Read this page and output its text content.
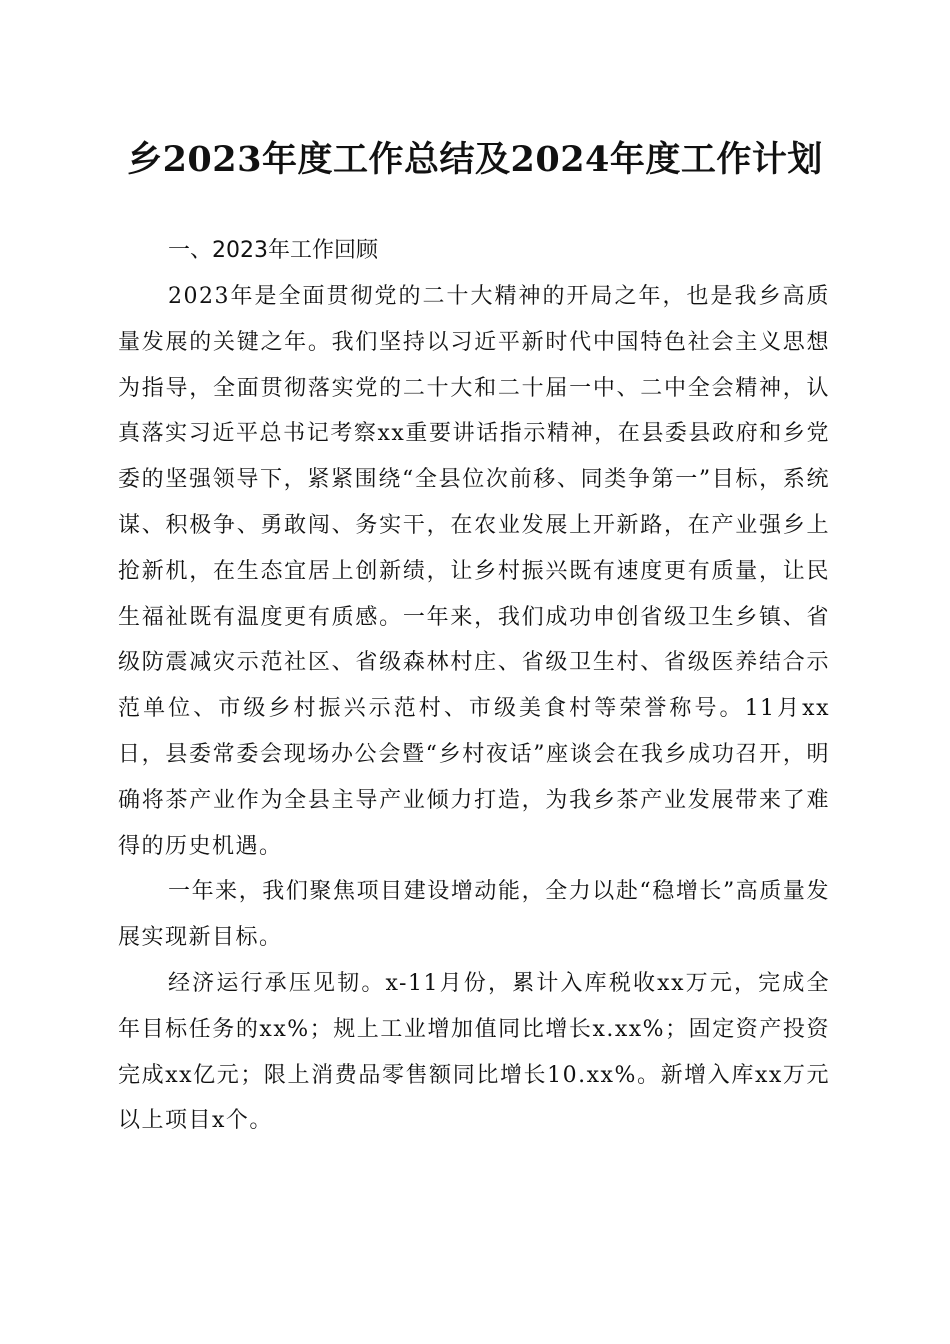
乡2023年度工作总结及2024年度工作计划

一、2023年工作回顾

2023年是全面贯彻党的二十大精神的开局之年，也是我乡高质量发展的关键之年。我们坚持以习近平新时代中国特色社会主义思想为指导，全面贯彻落实党的二十大和二十届一中、二中全会精神，认真落实习近平总书记考察xx重要讲话指示精神，在县委县政府和乡党委的坚强领导下，紧紧围绕“全县位次前移、同类争第一”目标，系统谋、积极争、勇敢闯、务实干，在农业发展上开新路，在产业强乡上抢新机，在生态宜居上创新绩，让乡村振兴既有速度更有质量，让民生福祉既有温度更有质感。一年来，我们成功申创省级卫生乡镇、省级防震减灾示范社区、省级森林村庄、省级卫生村、省级医养结合示范单位、市级乡村振兴示范村、市级美食村等荣誉称号。11月xx日，县委常委会现场办公会暨“乡村夜话”座谈会在我乡成功召开，明确将茶产业作为全县主导产业倾力打造，为我乡茶产业发展带来了难得的历史机遇。

一年来，我们聚焦项目建设增动能，全力以赴“稳增长”高质量发展实现新目标。

经济运行承压见韧。x-11月份，累计入库税收xx万元，完成全年目标任务的xx%；规上工业增加值同比增长x.xx%；固定资产投资完成xx亿元；限上消费品零售额同比增长10.xx%。新增入库xx万元以上项目x个。
